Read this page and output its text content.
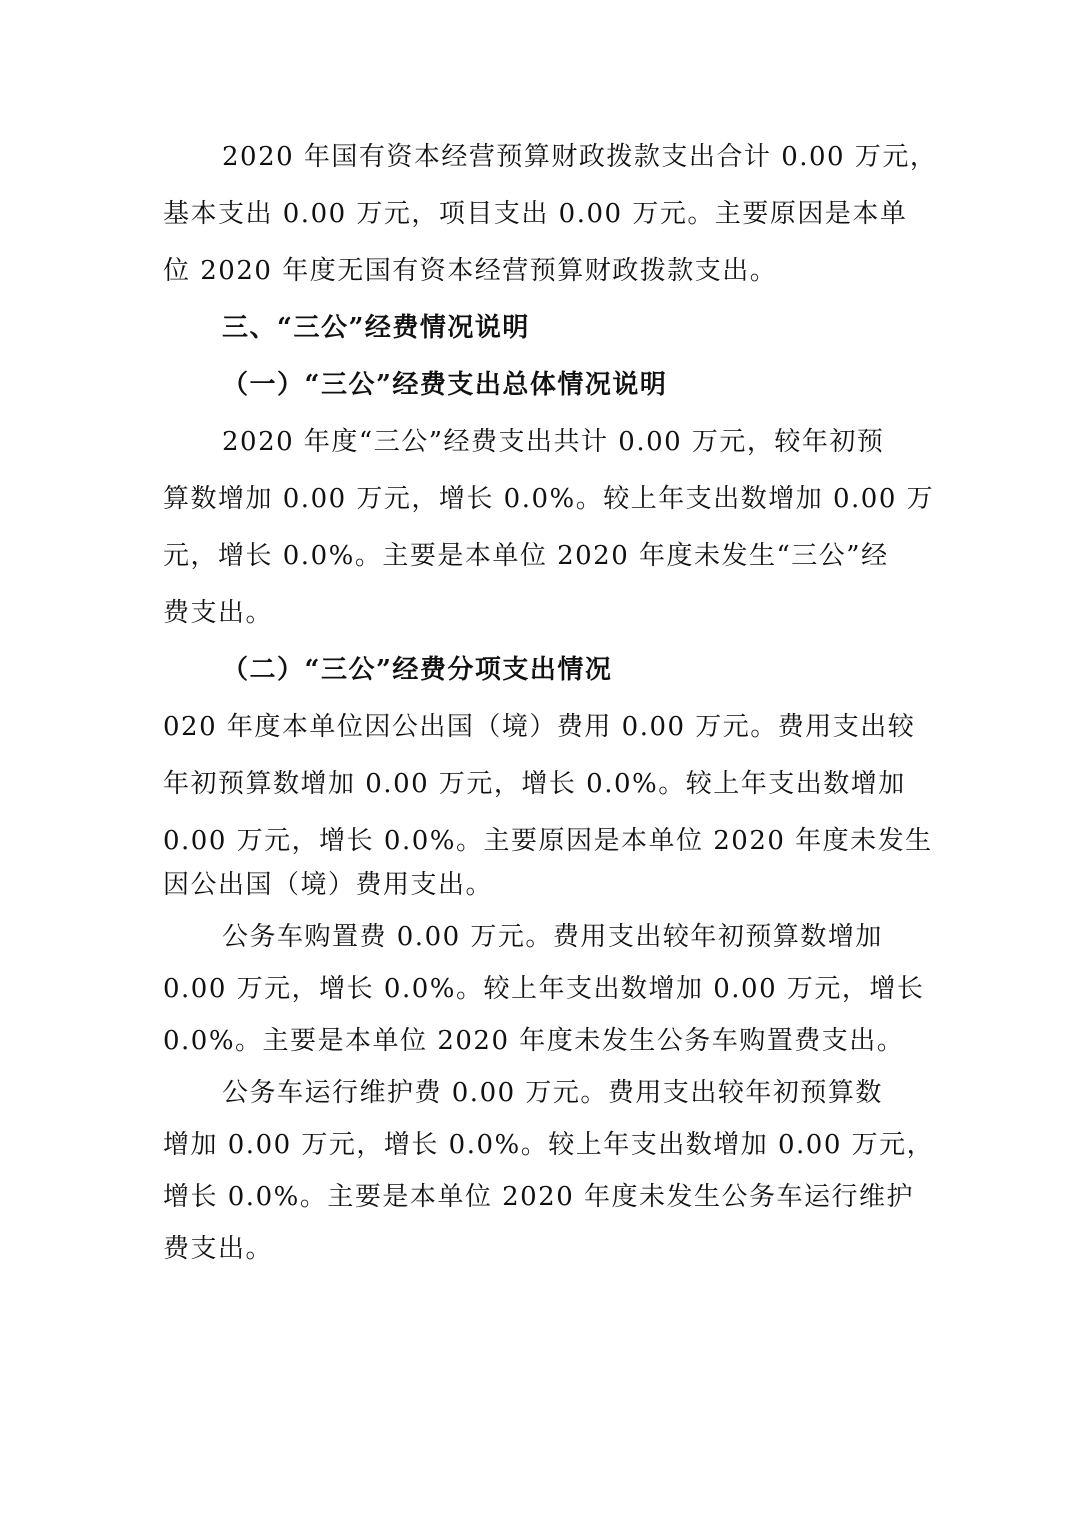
2020 年国有资本经营预算财政拨款支出合计 0.00 万元，
基本支出 0.00 万元，项目支出 0.00 万元。主要原因是本单
位 2020 年度无国有资本经营预算财政拨款支出。
三、“三公”经费情况说明
（一）“三公”经费支出总体情况说明
2020 年度“三公”经费支出共计 0.00 万元，较年初预
算数增加 0.00 万元，增长 0.0%。较上年支出数增加 0.00 万
元，增长 0.0%。主要是本单位 2020 年度未发生“三公”经
费支出。
（二）“三公”经费分项支出情况
020 年度本单位因公出国（境）费用 0.00 万元。费用支出较
年初预算数增加 0.00 万元，增长 0.0%。较上年支出数增加
0.00 万元，增长 0.0%。主要原因是本单位 2020 年度未发生
因公出国（境）费用支出。
公务车购置费 0.00 万元。费用支出较年初预算数增加
0.00 万元，增长 0.0%。较上年支出数增加 0.00 万元，增长
0.0%。主要是本单位 2020 年度未发生公务车购置费支出。
公务车运行维护费 0.00 万元。费用支出较年初预算数
增加 0.00 万元，增长 0.0%。较上年支出数增加 0.00 万元，
增长 0.0%。主要是本单位 2020 年度未发生公务车运行维护
费支出。
